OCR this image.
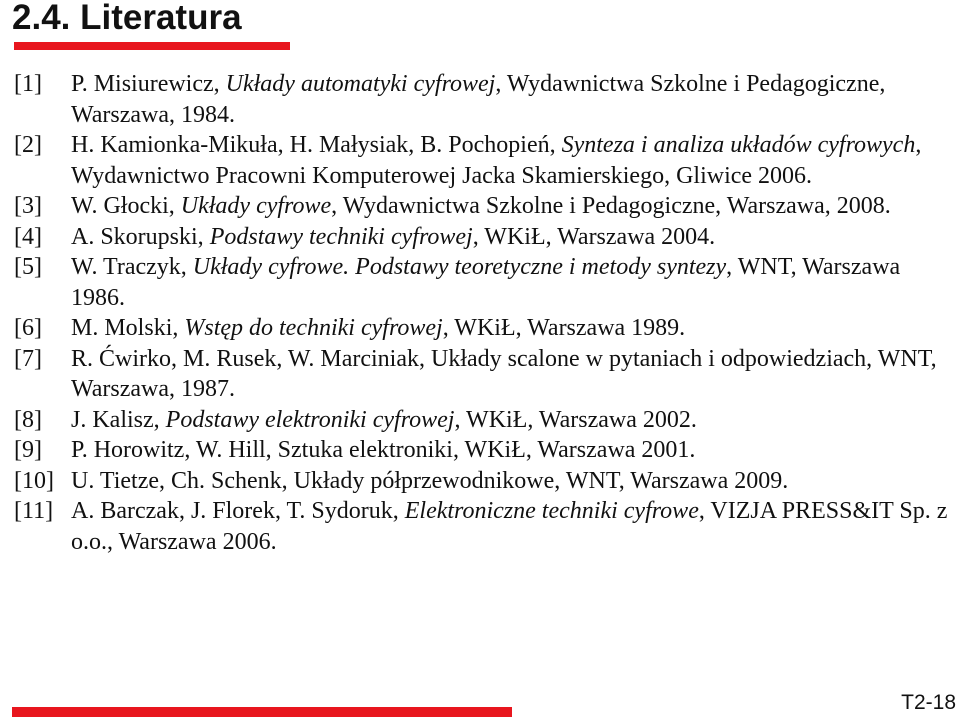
2.4. Literatura
[1]	P. Misiurewicz, Układy automatyki cyfrowej, Wydawnictwa Szkolne i Pedagogiczne, Warszawa, 1984.
[2]	H. Kamionka-Mikuła, H. Małysiak, B. Pochopień, Synteza i analiza układów cyfrowych, Wydawnictwo Pracowni Komputerowej Jacka Skamierskiego, Gliwice 2006.
[3]	W. Głocki, Układy cyfrowe, Wydawnictwa Szkolne i Pedagogiczne, Warszawa, 2008.
[4]	A. Skorupski, Podstawy techniki cyfrowej, WKiŁ, Warszawa 2004.
[5]	W. Traczyk, Układy cyfrowe. Podstawy teoretyczne i metody syntezy, WNT, Warszawa 1986.
[6]	M. Molski, Wstęp do techniki cyfrowej, WKiŁ, Warszawa 1989.
[7]	R. Ćwirko, M. Rusek, W. Marciniak, Układy scalone w pytaniach i odpowiedziach, WNT, Warszawa, 1987.
[8]	J. Kalisz, Podstawy elektroniki cyfrowej, WKiŁ, Warszawa 2002.
[9]	P. Horowitz, W. Hill, Sztuka elektroniki, WKiŁ, Warszawa 2001.
[10] U. Tietze, Ch. Schenk, Układy półprzewodnikowe, WNT, Warszawa 2009.
[11] A. Barczak, J. Florek, T. Sydoruk, Elektroniczne techniki cyfrowe, VIZJA PRESS&IT Sp. z o.o., Warszawa 2006.
T2-18
